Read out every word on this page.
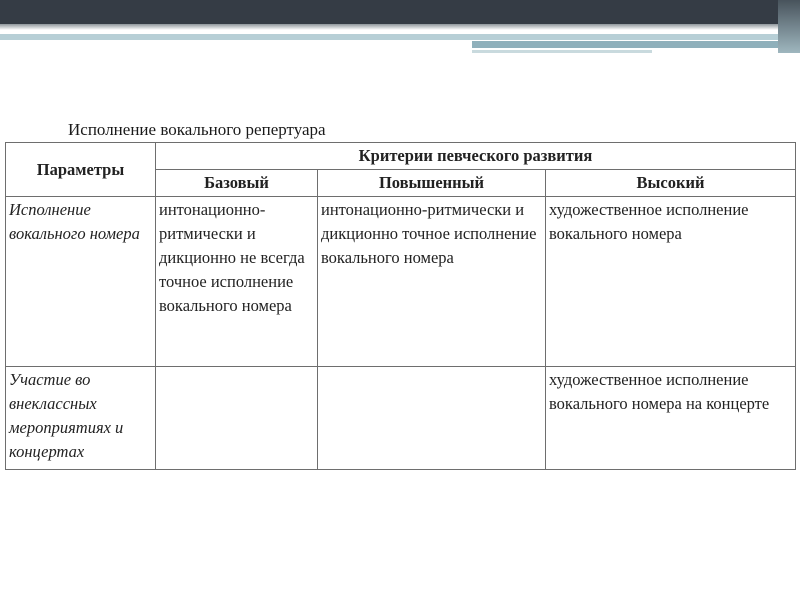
Исполнение вокального репертуара
Параметры	Критерии певческого развития		
	Базовый	Повышенный	Высокий
Исполнение вокального номера	интонационно-ритмически и дикционно не всегда точное исполнение вокального номера	интонационно-ритмически и дикционно точное исполнение вокального номера	художественное исполнение вокального номера
Участие во внеклассных мероприятиях и концертах			художественное исполнение вокального номера на концерте
